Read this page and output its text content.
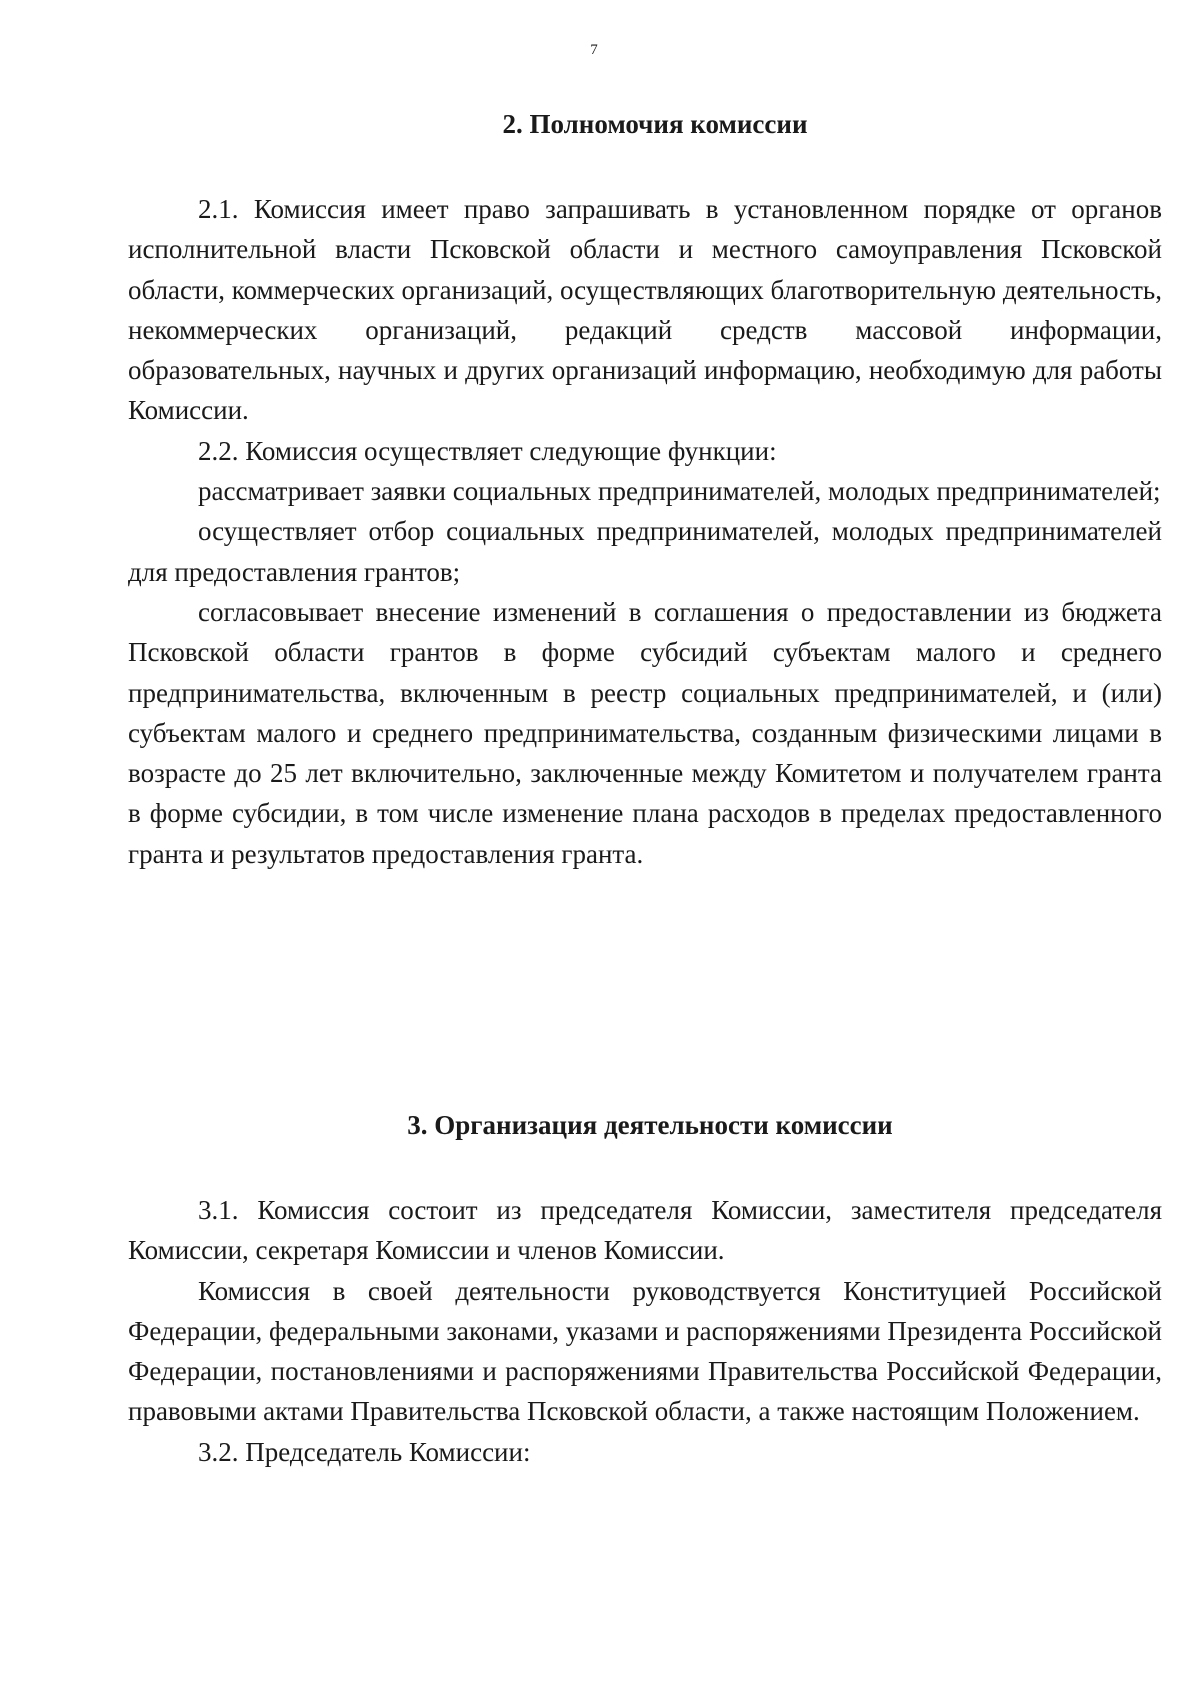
7
2. Полномочия комиссии

2.1. Комиссия имеет право запрашивать в установленном порядке от органов исполнительной власти Псковской области и местного самоуправления Псковской области, коммерческих организаций, осуществляющих благотворительную деятельность, некоммерческих организаций, редакций средств массовой информации, образовательных, научных и других организаций информацию, необходимую для работы Комиссии.

2.2. Комиссия осуществляет следующие функции:

рассматривает заявки социальных предпринимателей, молодых предпринимателей;

осуществляет отбор социальных предпринимателей, молодых предпринимателей для предоставления грантов;

согласовывает внесение изменений в соглашения о предоставлении из бюджета Псковской области грантов в форме субсидий субъектам малого и среднего предпринимательства, включенным в реестр социальных предпринимателей, и (или) субъектам малого и среднего предпринимательства, созданным физическими лицами в возрасте до 25 лет включительно, заключенные между Комитетом и получателем гранта в форме субсидии, в том числе изменение плана расходов в пределах предоставленного гранта и результатов предоставления гранта.

3. Организация деятельности комиссии

3.1. Комиссия состоит из председателя Комиссии, заместителя председателя Комиссии, секретаря Комиссии и членов Комиссии.

Комиссия в своей деятельности руководствуется Конституцией Российской Федерации, федеральными законами, указами и распоряжениями Президента Российской Федерации, постановлениями и распоряжениями Правительства Российской Федерации, правовыми актами Правительства Псковской области, а также настоящим Положением.

3.2. Председатель Комиссии:
